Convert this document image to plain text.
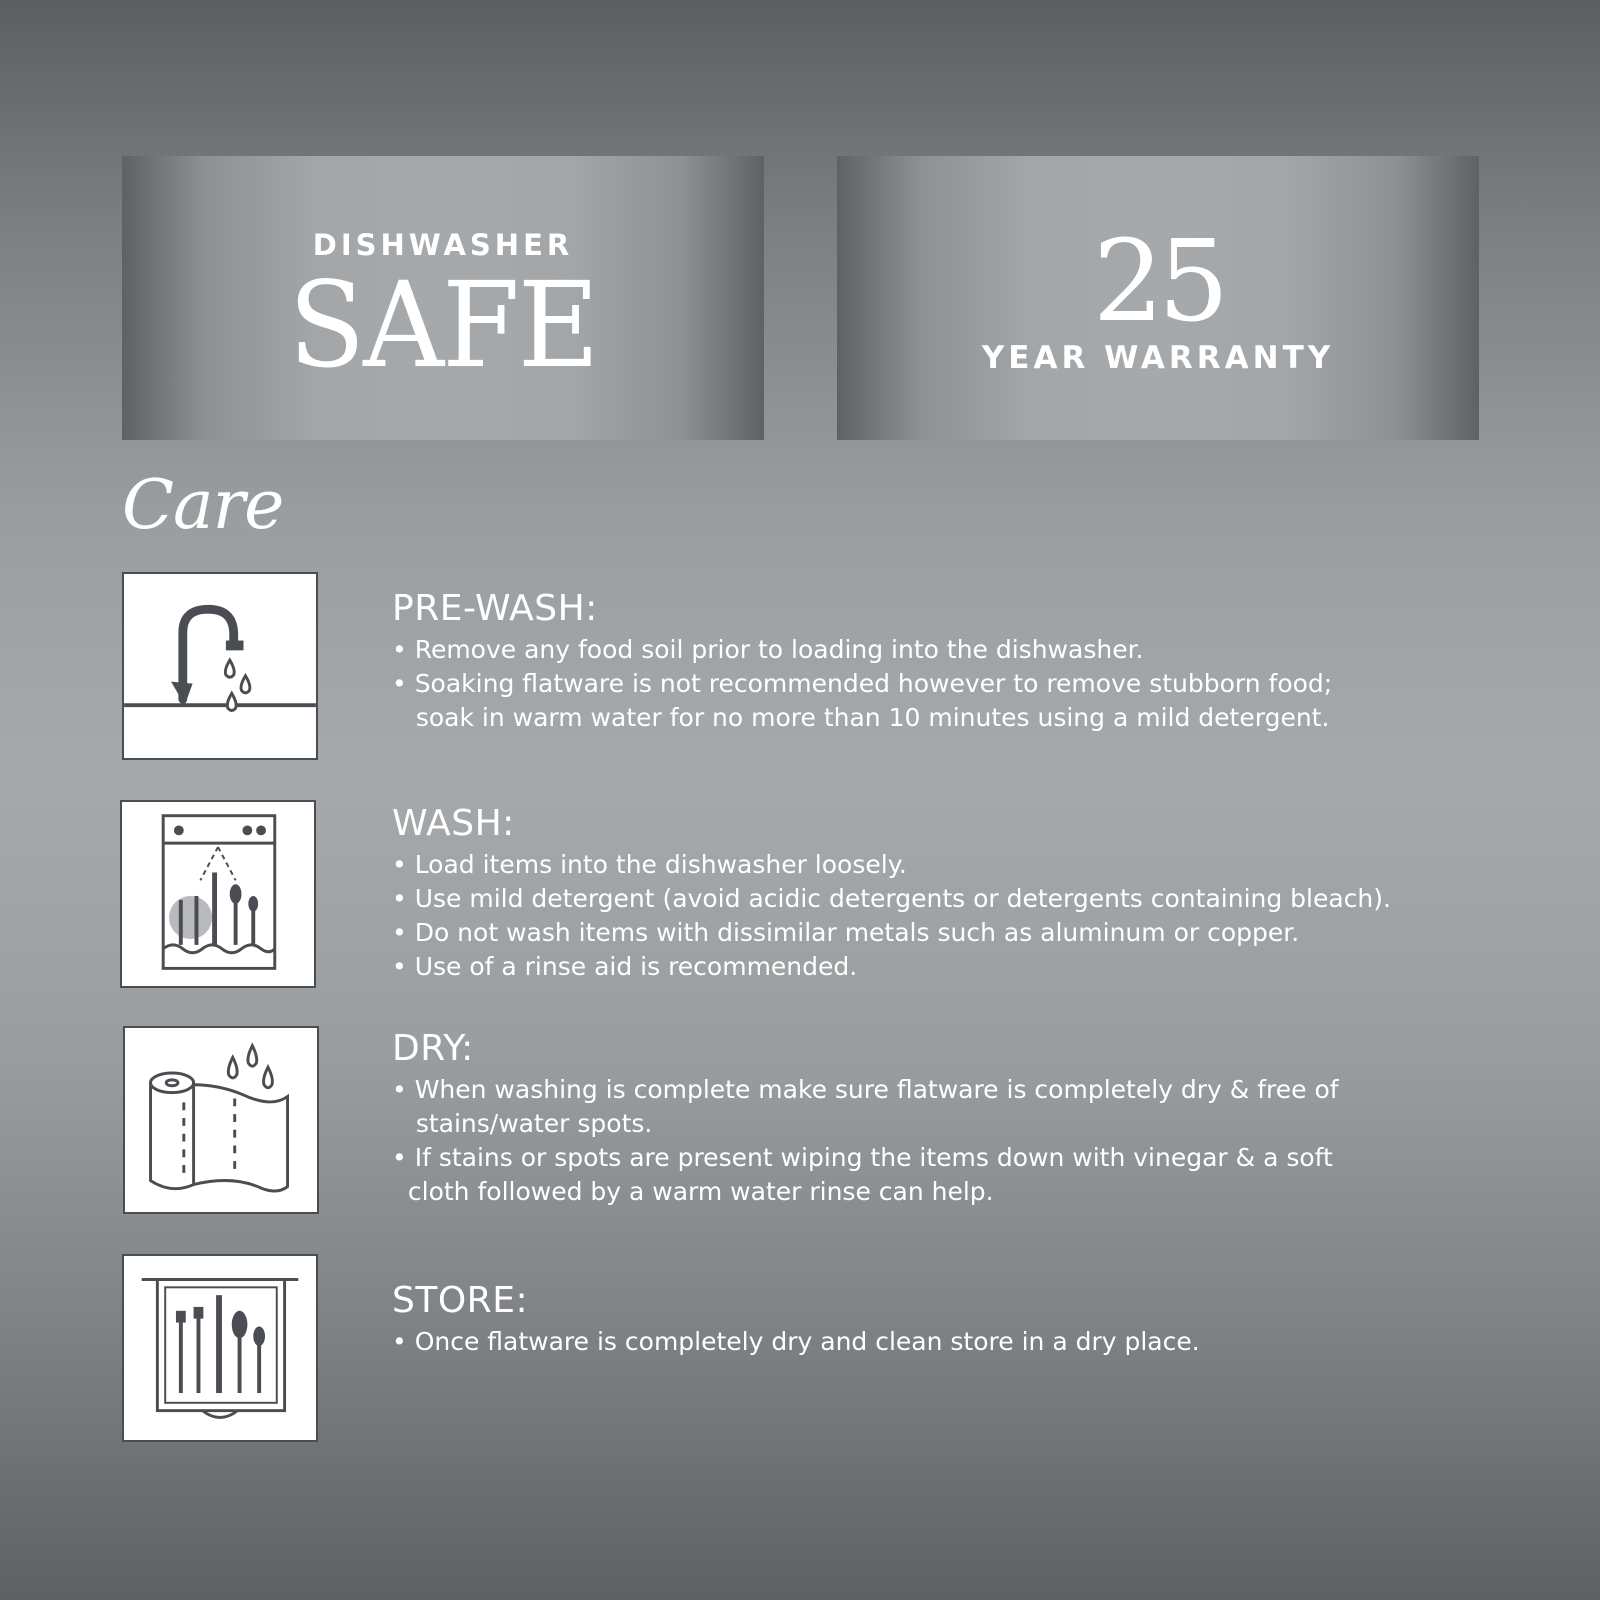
DISHWASHER
SAFE	25
YEAR WARRANTY
Care
PRE-WASH:
• Remove any food soil prior to loading into the dishwasher.
• Soaking flatware is not recommended however to remove stubborn food;
soak in warm water for no more than 10 minutes using a mild detergent.
WASH:
• Load items into the dishwasher loosely.
• Use mild detergent (avoid acidic detergents or detergents containing bleach).
• Do not wash items with dissimilar metals such as aluminum or copper.
• Use of a rinse aid is recommended.
DRY:
• When washing is complete make sure flatware is completely dry & free of
stains/water spots.
• If stains or spots are present wiping the items down with vinegar & a soft
cloth followed by a warm water rinse can help.
STORE:
• Once flatware is completely dry and clean store in a dry place.
